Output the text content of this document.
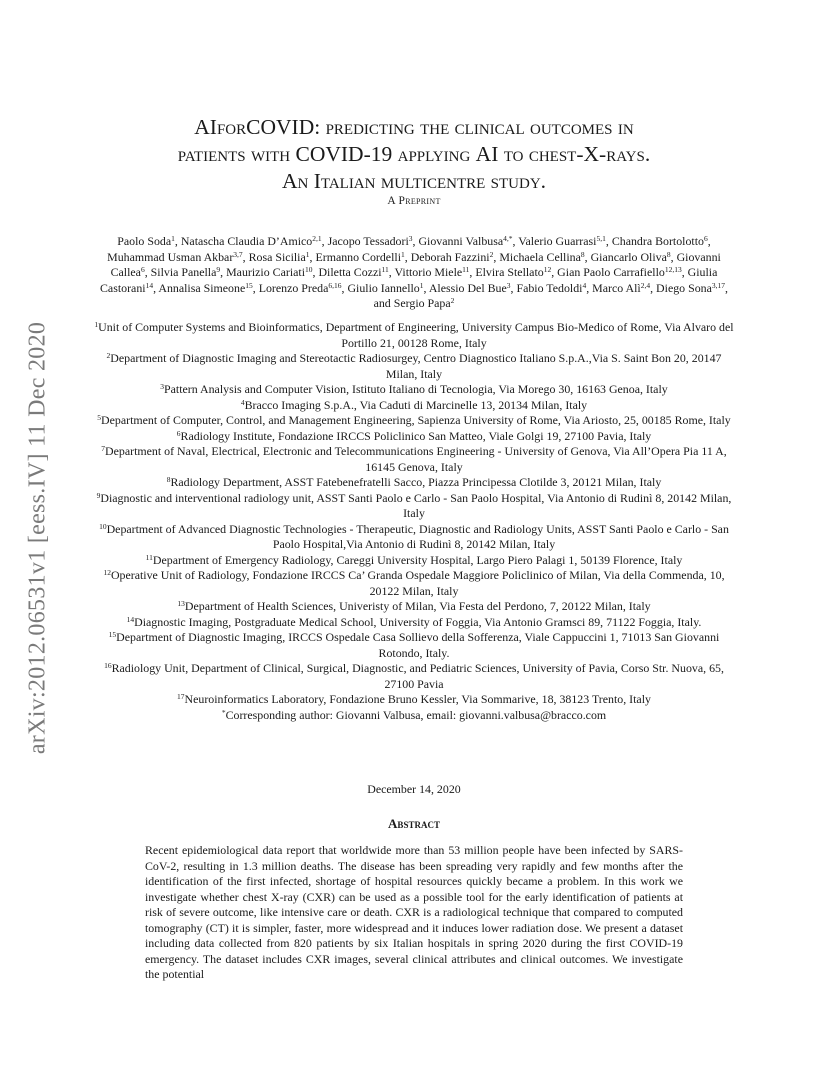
arXiv:2012.06531v1 [eess.IV] 11 Dec 2020
AIforCOVID: predicting the clinical outcomes in
patients with COVID-19 applying AI to chest-X-rays.
An Italian multicentre study.
A Preprint

Paolo Soda$^1$, Natascha Claudia D’Amico$^{2,1}$, Jacopo Tessadori$^3$, Giovanni Valbusa$^{4,*}$, Valerio Guarrasi$^{5,1}$, Chandra Bortolotto$^6$, Muhammad Usman Akbar$^{3,7}$, Rosa Sicilia$^1$, Ermanno Cordelli$^1$, Deborah Fazzini$^2$, Michaela Cellina$^8$, Giancarlo Oliva$^8$, Giovanni Callea$^6$, Silvia Panella$^9$, Maurizio Cariati$^{10}$, Diletta Cozzi$^{11}$, Vittorio Miele$^{11}$, Elvira Stellato$^{12}$, Gian Paolo Carrafiello$^{12,13}$, Giulia Castorani$^{14}$, Annalisa Simeone$^{15}$, Lorenzo Preda$^{6,16}$, Giulio Iannello$^1$, Alessio Del Bue$^3$, Fabio Tedoldi$^4$, Marco Alì$^{2,4}$, Diego Sona$^{3,17}$, and Sergio Papa$^2$

$^1$Unit of Computer Systems and Bioinformatics, Department of Engineering, University Campus Bio-Medico of Rome, Via Alvaro del Portillo 21, 00128 Rome, Italy
$^2$Department of Diagnostic Imaging and Stereotactic Radiosurgey, Centro Diagnostico Italiano S.p.A.,Via S. Saint Bon 20, 20147 Milan, Italy
$^3$Pattern Analysis and Computer Vision, Istituto Italiano di Tecnologia, Via Morego 30, 16163 Genoa, Italy
$^4$Bracco Imaging S.p.A., Via Caduti di Marcinelle 13, 20134 Milan, Italy
$^5$Department of Computer, Control, and Management Engineering, Sapienza University of Rome, Via Ariosto, 25, 00185 Rome, Italy
$^6$Radiology Institute, Fondazione IRCCS Policlinico San Matteo, Viale Golgi 19, 27100 Pavia, Italy
$^7$Department of Naval, Electrical, Electronic and Telecommunications Engineering - University of Genova, Via All’Opera Pia 11 A, 16145 Genova, Italy
$^8$Radiology Department, ASST Fatebenefratelli Sacco, Piazza Principessa Clotilde 3, 20121 Milan, Italy
$^9$Diagnostic and interventional radiology unit, ASST Santi Paolo e Carlo - San Paolo Hospital, Via Antonio di Rudinì 8, 20142 Milan, Italy
$^{10}$Department of Advanced Diagnostic Technologies - Therapeutic, Diagnostic and Radiology Units, ASST Santi Paolo e Carlo - San Paolo Hospital,Via Antonio di Rudinì 8, 20142 Milan, Italy
$^{11}$Department of Emergency Radiology, Careggi University Hospital, Largo Piero Palagi 1, 50139 Florence, Italy
$^{12}$Operative Unit of Radiology, Fondazione IRCCS Ca’ Granda Ospedale Maggiore Policlinico of Milan, Via della Commenda, 10, 20122 Milan, Italy
$^{13}$Department of Health Sciences, Univeristy of Milan, Via Festa del Perdono, 7, 20122 Milan, Italy
$^{14}$Diagnostic Imaging, Postgraduate Medical School, University of Foggia, Via Antonio Gramsci 89, 71122 Foggia, Italy.
$^{15}$Department of Diagnostic Imaging, IRCCS Ospedale Casa Sollievo della Sofferenza, Viale Cappuccini 1, 71013 San Giovanni Rotondo, Italy.
$^{16}$Radiology Unit, Department of Clinical, Surgical, Diagnostic, and Pediatric Sciences, University of Pavia, Corso Str. Nuova, 65, 27100 Pavia
$^{17}$Neuroinformatics Laboratory, Fondazione Bruno Kessler, Via Sommarive, 18, 38123 Trento, Italy
*Corresponding author: Giovanni Valbusa, email: giovanni.valbusa@bracco.com
December 14, 2020
Abstract

Recent epidemiological data report that worldwide more than 53 million people have been infected by SARS-CoV-2, resulting in 1.3 million deaths. The disease has been spreading very rapidly and few months after the identification of the first infected, shortage of hospital resources quickly became a problem. In this work we investigate whether chest X-ray (CXR) can be used as a possible tool for the early identification of patients at risk of severe outcome, like intensive care or death. CXR is a radiological technique that compared to computed tomography (CT) it is simpler, faster, more widespread and it induces lower radiation dose. We present a dataset including data collected from 820 patients by six Italian hospitals in spring 2020 during the first COVID-19 emergency. The dataset includes CXR images, several clinical attributes and clinical outcomes. We investigate the potential
